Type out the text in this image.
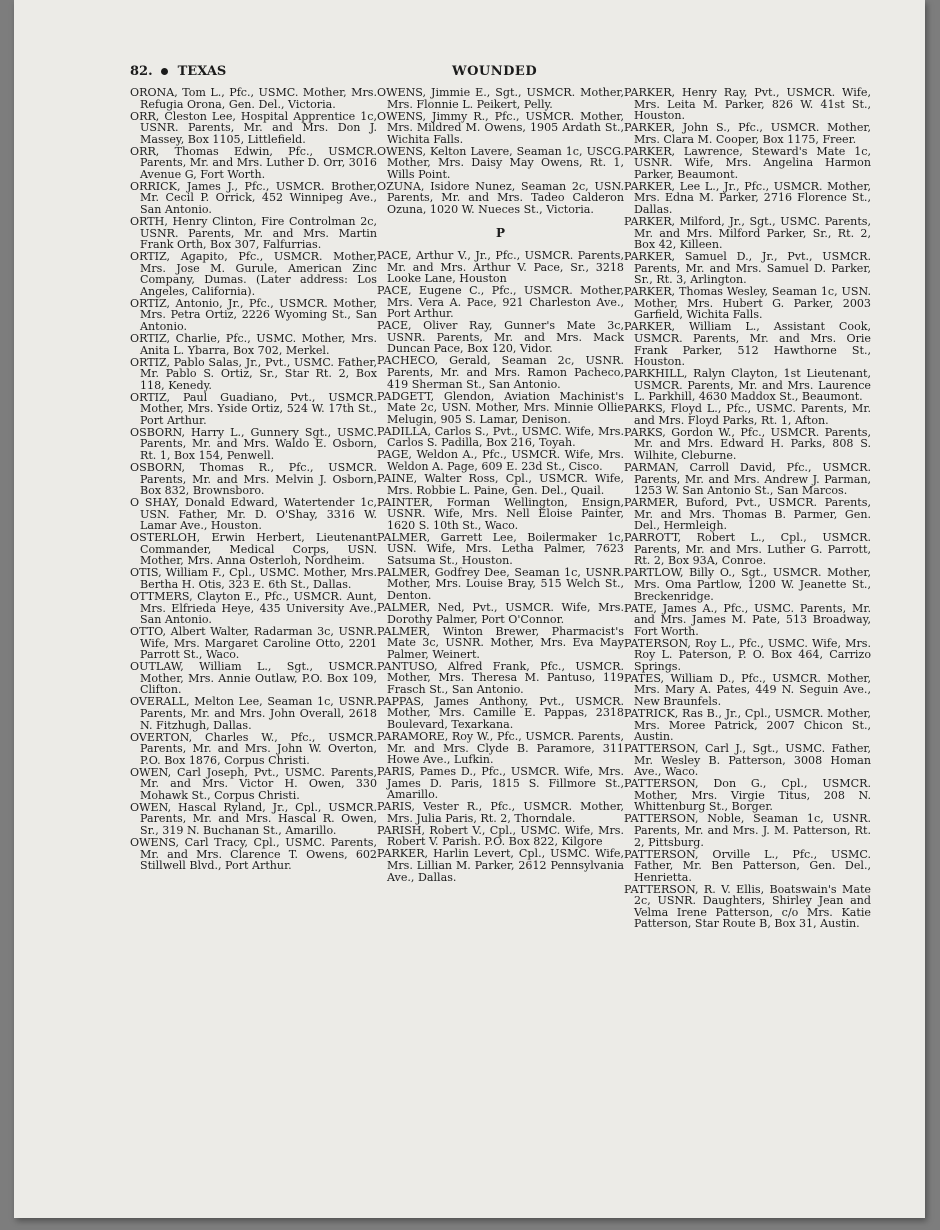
82. TEXAS	WOUNDED
ORONA, Tom L., Pfc., USMC. Mother, Mrs. Refugia Orona, Gen. Del., Victoria.
ORR, Cleston Lee, Hospital Apprentice 1c, USNR. Parents, Mr. and Mrs. Don J. Massey, Box 1105, Littlefield.
ORR, Thomas Edwin, Pfc., USMCR. Parents, Mr. and Mrs. Luther D. Orr, 3016 Avenue G, Fort Worth.
ORRICK, James J., Pfc., USMCR. Brother, Mr. Cecil P. Orrick, 452 Winnipeg Ave., San Antonio.
ORTH, Henry Clinton, Fire Controlman 2c, USNR. Parents, Mr. and Mrs. Martin Frank Orth, Box 307, Falfurrias.
ORTIZ, Agapito, Pfc., USMCR. Mother, Mrs. Jose M. Gurule, American Zinc Company, Dumas. (Later address: Los Angeles, California).
ORTIZ, Antonio, Jr., Pfc., USMCR. Mother, Mrs. Petra Ortiz, 2226 Wyoming St., San Antonio.
ORTIZ, Charlie, Pfc., USMC. Mother, Mrs. Anita L. Ybarra, Box 702, Merkel.
ORTIZ, Pablo Salas, Jr., Pvt., USMC. Father, Mr. Pablo S. Ortiz, Sr., Star Rt. 2, Box 118, Kenedy.
ORTIZ, Paul Guadiano, Pvt., USMCR. Mother, Mrs. Yside Ortiz, 524 W. 17th St., Port Arthur.
OSBORN, Harry L., Gunnery Sgt., USMC. Parents, Mr. and Mrs. Waldo E. Osborn, Rt. 1, Box 154, Penwell.
OSBORN, Thomas R., Pfc., USMCR. Parents, Mr. and Mrs. Melvin J. Osborn, Box 832, Brownsboro.
O SHAY, Donald Edward, Watertender 1c, USN. Father, Mr. D. O'Shay, 3316 W. Lamar Ave., Houston.
OSTERLOH, Erwin Herbert, Lieutenant Commander, Medical Corps, USN. Mother, Mrs. Anna Osterloh, Nordheim.
OTIS, William F., Cpl., USMC. Mother, Mrs. Bertha H. Otis, 323 E. 6th St., Dallas.
OTTMERS, Clayton E., Pfc., USMCR. Aunt, Mrs. Elfrieda Heye, 435 University Ave., San Antonio.
OTTO, Albert Walter, Radarman 3c, USNR. Wife, Mrs. Margaret Caroline Otto, 2201 Parrott St., Waco.
OUTLAW, William L., Sgt., USMCR. Mother, Mrs. Annie Outlaw, P.O. Box 109, Clifton.
OVERALL, Melton Lee, Seaman 1c, USNR. Parents, Mr. and Mrs. John Overall, 2618 N. Fitzhugh, Dallas.
OVERTON, Charles W., Pfc., USMCR. Parents, Mr. and Mrs. John W. Overton, P.O. Box 1876, Corpus Christi.
OWEN, Carl Joseph, Pvt., USMC. Parents, Mr. and Mrs. Victor H. Owen, 330 Mohawk St., Corpus Christi.
OWEN, Hascal Ryland, Jr., Cpl., USMCR. Parents, Mr. and Mrs. Hascal R. Owen, Sr., 319 N. Buchanan St., Amarillo.
OWENS, Carl Tracy, Cpl., USMC. Parents, Mr. and Mrs. Clarence T. Owens, 602 Stillwell Blvd., Port Arthur.
OWENS, Jimmie E., Sgt., USMCR. Mother, Mrs. Flonnie L. Peikert, Pelly.
OWENS, Jimmy R., Pfc., USMCR. Mother, Mrs. Mildred M. Owens, 1905 Ardath St., Wichita Falls.
OWENS, Kelton Lavere, Seaman 1c, USCG. Mother, Mrs. Daisy May Owens, Rt. 1, Wills Point.
OZUNA, Isidore Nunez, Seaman 2c, USN. Parents, Mr. and Mrs. Tadeo Calderon Ozuna, 1020 W. Nueces St., Victoria.
P
PACE, Arthur V., Jr., Pfc., USMCR. Parents, Mr. and Mrs. Arthur V. Pace, Sr., 3218 Looke Lane, Houston
PACE, Eugene C., Pfc., USMCR. Mother, Mrs. Vera A. Pace, 921 Charleston Ave., Port Arthur.
PACE, Oliver Ray, Gunner's Mate 3c, USNR. Parents, Mr. and Mrs. Mack Duncan Pace, Box 120, Vidor.
PACHECO, Gerald, Seaman 2c, USNR. Parents, Mr. and Mrs. Ramon Pacheco, 419 Sherman St., San Antonio.
PADGETT, Glendon, Aviation Machinist's Mate 2c, USN. Mother, Mrs. Minnie Ollie Melugin, 905 S. Lamar, Denison.
PADILLA, Carlos S., Pvt., USMC. Wife, Mrs. Carlos S. Padilla, Box 216, Toyah.
PAGE, Weldon A., Pfc., USMCR. Wife, Mrs. Weldon A. Page, 609 E. 23d St., Cisco.
PAINE, Walter Ross, Cpl., USMCR. Wife, Mrs. Robbie L. Paine, Gen. Del., Quail.
PAINTER, Forman Wellington, Ensign, USNR. Wife, Mrs. Nell Eloise Painter, 1620 S. 10th St., Waco.
PALMER, Garrett Lee, Boilermaker 1c, USN. Wife, Mrs. Letha Palmer, 7623 Satsuma St., Houston.
PALMER, Godfrey Dee, Seaman 1c, USNR. Mother, Mrs. Louise Bray, 515 Welch St., Denton.
PALMER, Ned, Pvt., USMCR. Wife, Mrs. Dorothy Palmer, Port O'Connor.
PALMER, Winton Brewer, Pharmacist's Mate 3c, USNR. Mother, Mrs. Eva May Palmer, Weinert.
PANTUSO, Alfred Frank, Pfc., USMCR. Mother, Mrs. Theresa M. Pantuso, 119 Frasch St., San Antonio.
PAPPAS, James Anthony, Pvt., USMCR. Mother, Mrs. Camille E. Pappas, 2318 Boulevard, Texarkana.
PARAMORE, Roy W., Pfc., USMCR. Parents, Mr. and Mrs. Clyde B. Paramore, 311 Howe Ave., Lufkin.
PARIS, Pames D., Pfc., USMCR. Wife, Mrs. James D. Paris, 1815 S. Fillmore St., Amarillo.
PARIS, Vester R., Pfc., USMCR. Mother, Mrs. Julia Paris, Rt. 2, Thorndale.
PARISH, Robert V., Cpl., USMC. Wife, Mrs. Robert V. Parish. P.O. Box 822, Kilgore
PARKER, Harlin Levert, Cpl., USMC. Wife, Mrs. Lillian M. Parker, 2612 Pennsylvania Ave., Dallas.
PARKER, Henry Ray, Pvt., USMCR. Wife, Mrs. Leita M. Parker, 826 W. 41st St., Houston.
PARKER, John S., Pfc., USMCR. Mother, Mrs. Clara M. Cooper, Box 1175, Freer.
PARKER, Lawrence, Steward's Mate 1c, USNR. Wife, Mrs. Angelina Harmon Parker, Beaumont.
PARKER, Lee L., Jr., Pfc., USMCR. Mother, Mrs. Edna M. Parker, 2716 Florence St., Dallas.
PARKER, Milford, Jr., Sgt., USMC. Parents, Mr. and Mrs. Milford Parker, Sr., Rt. 2, Box 42, Killeen.
PARKER, Samuel D., Jr., Pvt., USMCR. Parents, Mr. and Mrs. Samuel D. Parker, Sr., Rt. 3, Arlington.
PARKER, Thomas Wesley, Seaman 1c, USN. Mother, Mrs. Hubert G. Parker, 2003 Garfield, Wichita Falls.
PARKER, William L., Assistant Cook, USMCR. Parents, Mr. and Mrs. Orie Frank Parker, 512 Hawthorne St., Houston.
PARKHILL, Ralyn Clayton, 1st Lieutenant, USMCR. Parents, Mr. and Mrs. Laurence L. Parkhill, 4630 Maddox St., Beaumont.
PARKS, Floyd L., Pfc., USMC. Parents, Mr. and Mrs. Floyd Parks, Rt. 1, Afton.
PARKS, Gordon W., Pfc., USMCR. Parents, Mr. and Mrs. Edward H. Parks, 808 S. Wilhite, Cleburne.
PARMAN, Carroll David, Pfc., USMCR. Parents, Mr. and Mrs. Andrew J. Parman, 1253 W. San Antonio St., San Marcos.
PARMER, Buford, Pvt., USMCR. Parents, Mr. and Mrs. Thomas B. Parmer, Gen. Del., Hermleigh.
PARROTT, Robert L., Cpl., USMCR. Parents, Mr. and Mrs. Luther G. Parrott, Rt. 2, Box 93A, Conroe.
PARTLOW, Billy O., Sgt., USMCR. Mother, Mrs. Oma Partlow, 1200 W. Jeanette St., Breckenridge.
PATE, James A., Pfc., USMC. Parents, Mr. and Mrs. James M. Pate, 513 Broadway, Fort Worth.
PATERSON, Roy L., Pfc., USMC. Wife, Mrs. Roy L. Paterson, P. O. Box 464, Carrizo Springs.
PATES, William D., Pfc., USMCR. Mother, Mrs. Mary A. Pates, 449 N. Seguin Ave., New Braunfels.
PATRICK, Ras B., Jr., Cpl., USMCR. Mother, Mrs. Moree Patrick, 2007 Chicon St., Austin.
PATTERSON, Carl J., Sgt., USMC. Father, Mr. Wesley B. Patterson, 3008 Homan Ave., Waco.
PATTERSON, Don G., Cpl., USMCR. Mother, Mrs. Virgie Titus, 208 N. Whittenburg St., Borger.
PATTERSON, Noble, Seaman 1c, USNR. Parents, Mr. and Mrs. J. M. Patterson, Rt. 2, Pittsburg.
PATTERSON, Orville L., Pfc., USMC. Father, Mr. Ben Patterson, Gen. Del., Henrietta.
PATTERSON, R. V. Ellis, Boatswain's Mate 2c, USNR. Daughters, Shirley Jean and Velma Irene Patterson, c/o Mrs. Katie Patterson, Star Route B, Box 31, Austin.
